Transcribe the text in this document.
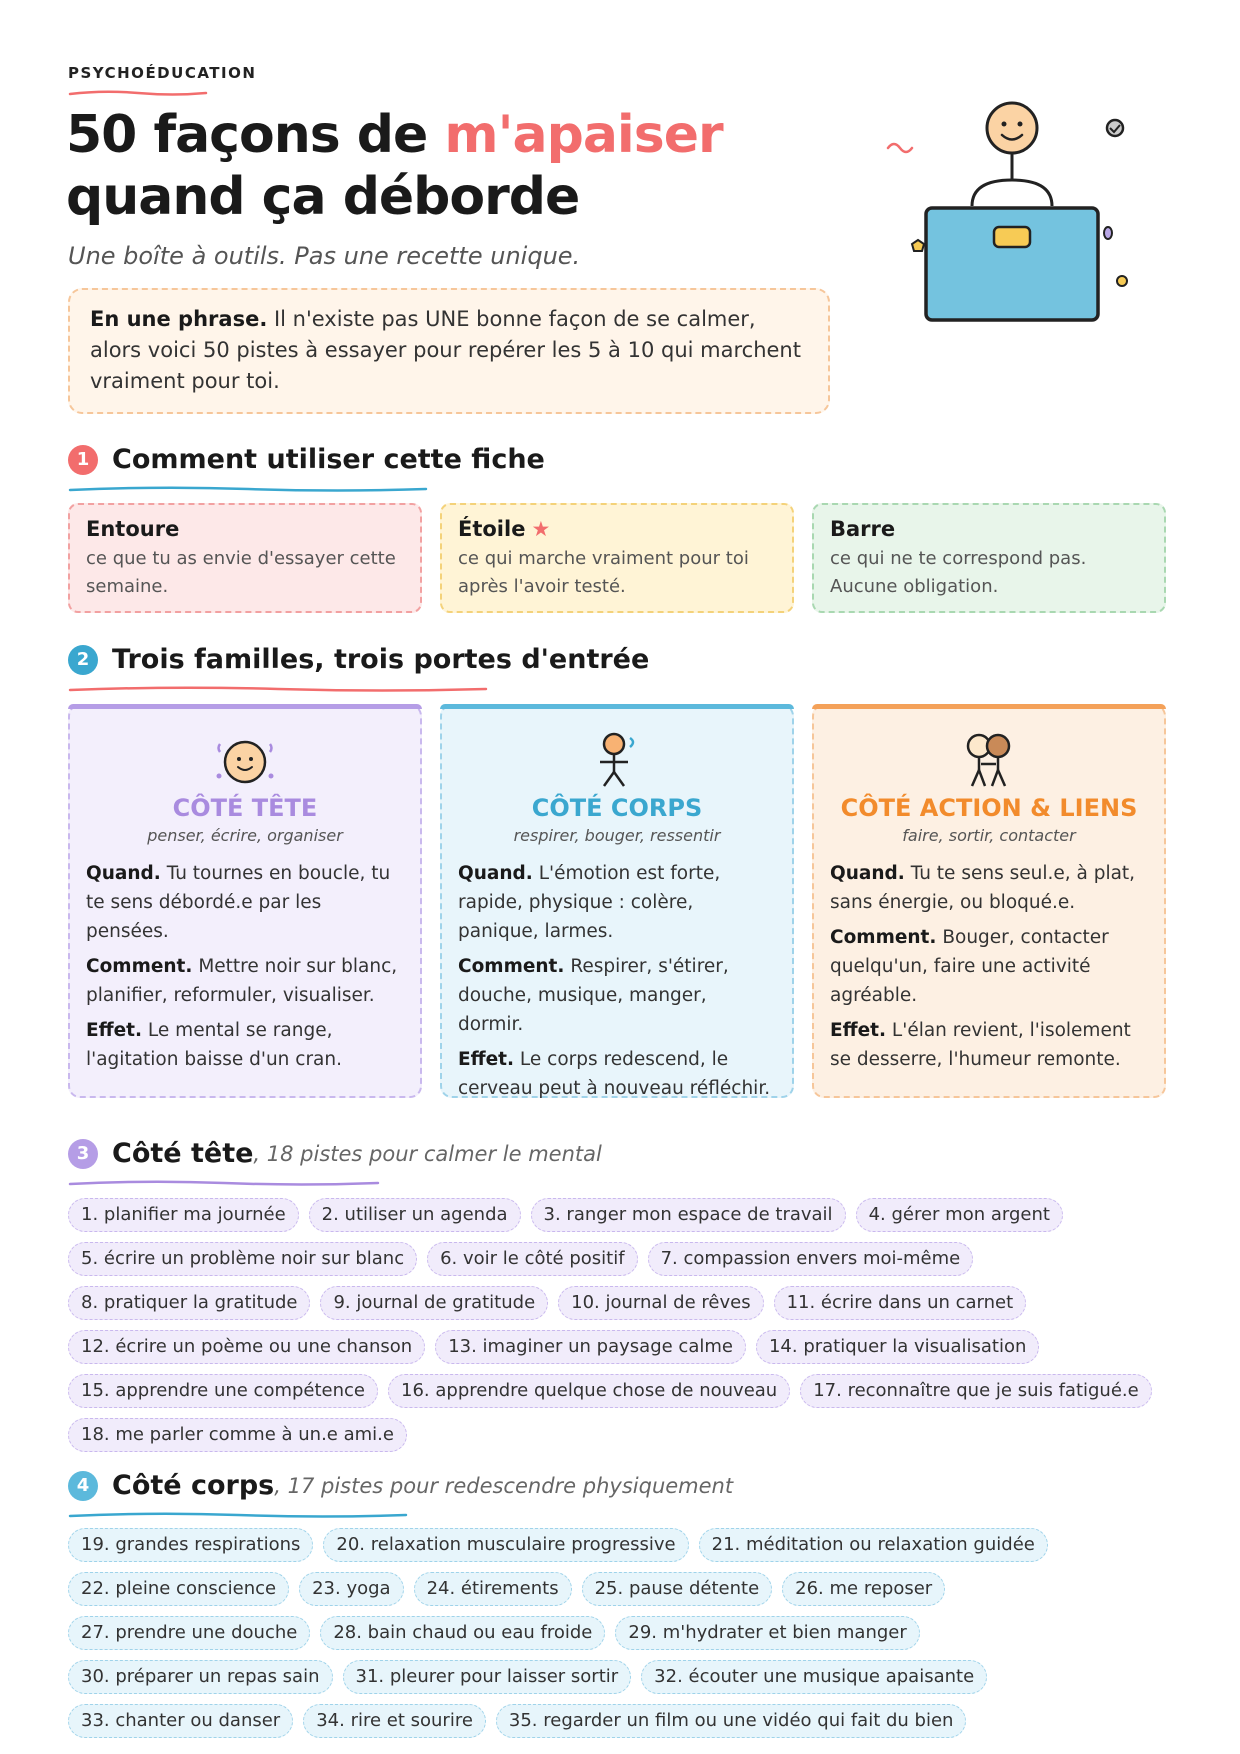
PSYCHOÉDUCATION
50 façons de m'apaiser
quand ça déborde
Une boîte à outils. Pas une recette unique.
En une phrase. Il n'existe pas UNE bonne façon de se calmer, alors voici 50 pistes à essayer pour repérer les 5 à 10 qui marchent vraiment pour toi.
1 Comment utiliser cette fiche
Entoure
ce que tu as envie d'essayer cette semaine.
Étoile ★
ce qui marche vraiment pour toi après l'avoir testé.
Barre
ce qui ne te correspond pas. Aucune obligation.
2 Trois familles, trois portes d'entrée
CÔTÉ TÊTE
penser, écrire, organiser
Quand. Tu tournes en boucle, tu te sens débordé.e par les pensées.
Comment. Mettre noir sur blanc, planifier, reformuler, visualiser.
Effet. Le mental se range, l'agitation baisse d'un cran.
CÔTÉ CORPS
respirer, bouger, ressentir
Quand. L'émotion est forte, rapide, physique : colère, panique, larmes.
Comment. Respirer, s'étirer, douche, musique, manger, dormir.
Effet. Le corps redescend, le cerveau peut à nouveau réfléchir.
CÔTÉ ACTION & LIENS
faire, sortir, contacter
Quand. Tu te sens seul.e, à plat, sans énergie, ou bloqué.e.
Comment. Bouger, contacter quelqu'un, faire une activité agréable.
Effet. L'élan revient, l'isolement se desserre, l'humeur remonte.
3 Côté tête , 18 pistes pour calmer le mental
1. planifier ma journée	2. utiliser un agenda	3. ranger mon espace de travail	4. gérer mon argent
5. écrire un problème noir sur blanc	6. voir le côté positif	7. compassion envers moi-même
8. pratiquer la gratitude	9. journal de gratitude	10. journal de rêves	11. écrire dans un carnet
12. écrire un poème ou une chanson	13. imaginer un paysage calme	14. pratiquer la visualisation
15. apprendre une compétence	16. apprendre quelque chose de nouveau	17. reconnaître que je suis fatigué.e
18. me parler comme à un.e ami.e
4 Côté corps , 17 pistes pour redescendre physiquement
19. grandes respirations	20. relaxation musculaire progressive	21. méditation ou relaxation guidée
22. pleine conscience	23. yoga	24. étirements	25. pause détente	26. me reposer
27. prendre une douche	28. bain chaud ou eau froide	29. m'hydrater et bien manger
30. préparer un repas sain	31. pleurer pour laisser sortir	32. écouter une musique apaisante
33. chanter ou danser	34. rire et sourire	35. regarder un film ou une vidéo qui fait du bien
